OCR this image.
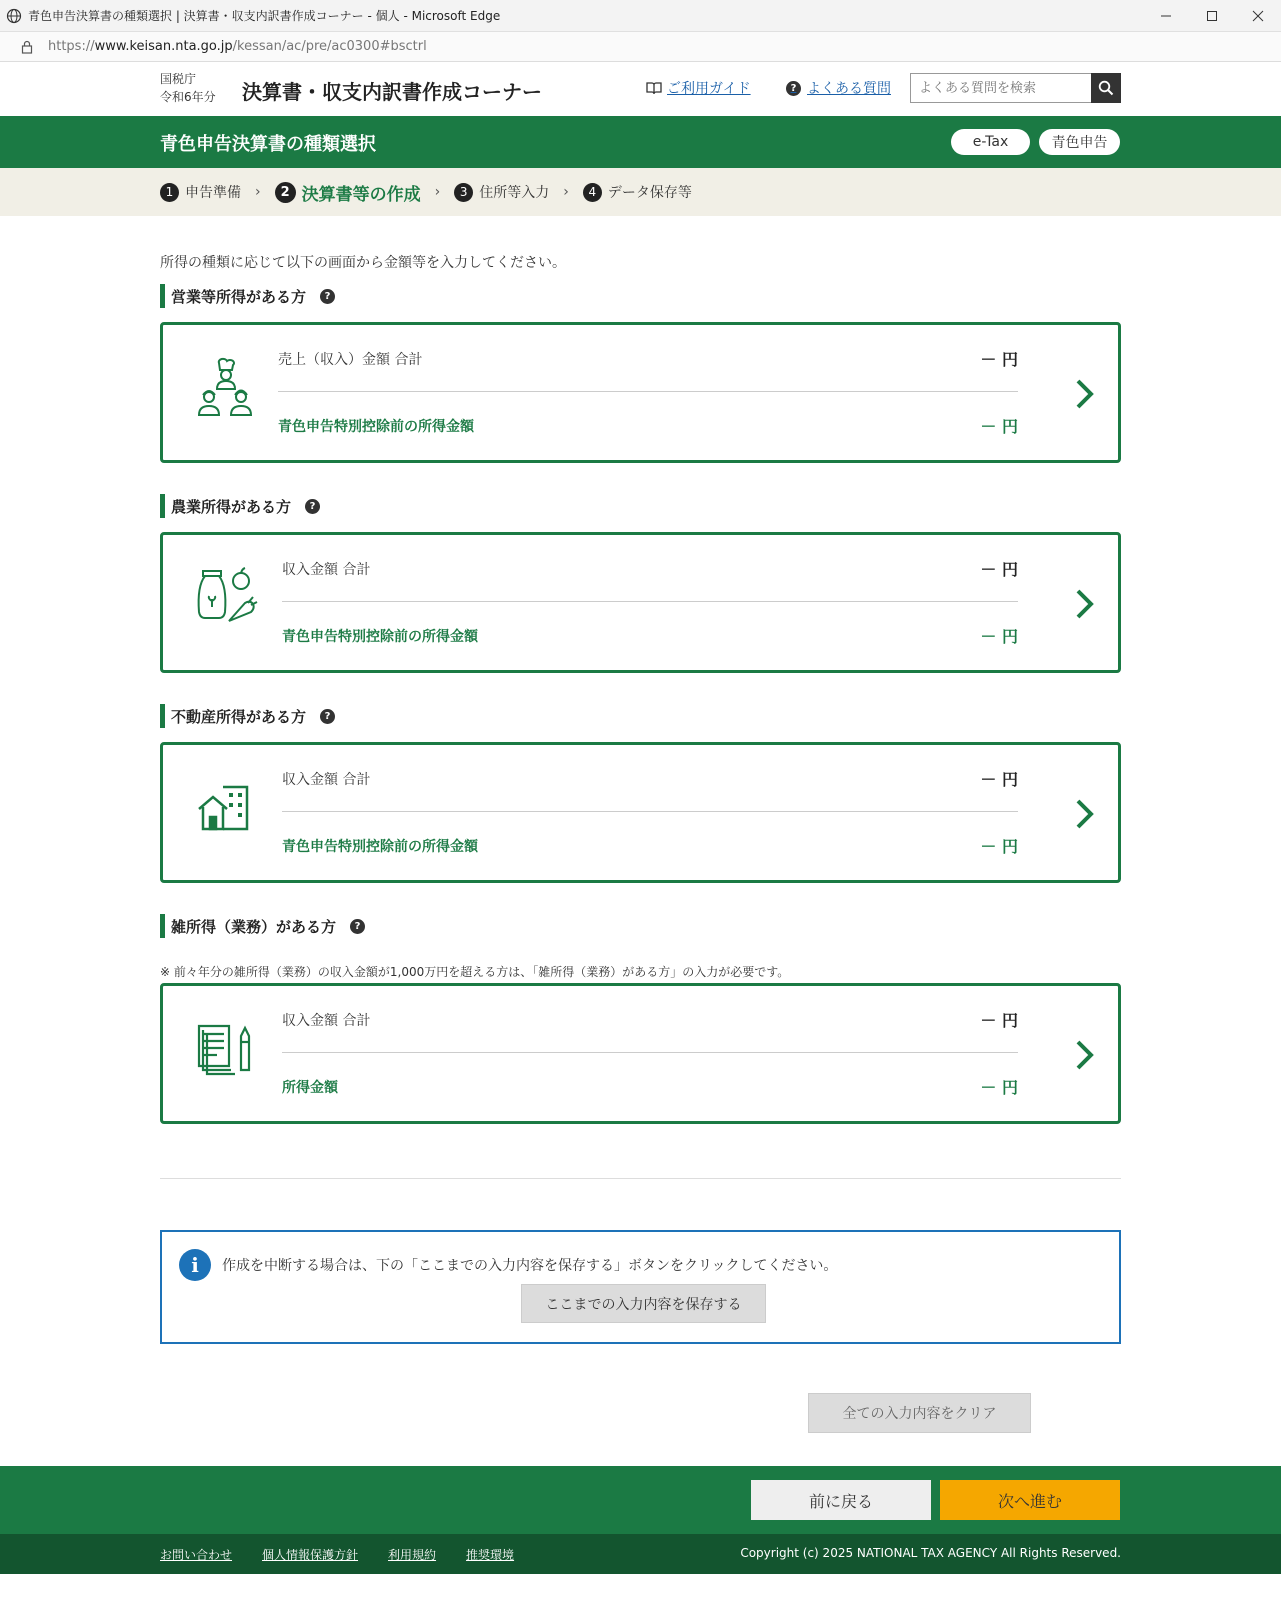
青色申告決算書の種類選択 | 決算書・収支内訳書作成コーナー - 個人 - Microsoft Edge
https://www.keisan.nta.go.jp/kessan/ac/pre/ac0300#bsctrl
国税庁
令和6年分 決算書・収支内訳書作成コーナー	ご利用ガイド	? よくある質問
よくある質問を検索
青色申告決算書の種類選択	e-Tax	青色申告
1 申告準備 ›	2 決算書等の作成 ›	3 住所等入力 ›	4 データ保存等
所得の種類に応じて以下の画面から金額等を入力してください。
営業等所得がある方	?
売上（収入）金額 合計	－ 円
青色申告特別控除前の所得金額	－ 円
農業所得がある方	?
収入金額 合計	－ 円
青色申告特別控除前の所得金額	－ 円
不動産所得がある方	?
収入金額 合計	－ 円
青色申告特別控除前の所得金額	－ 円
雑所得（業務）がある方	?
※ 前々年分の雑所得（業務）の収入金額が1,000万円を超える方は、「雑所得（業務）がある方」の入力が必要です。
収入金額 合計	－ 円
所得金額	－ 円
i	作成を中断する場合は、下の「ここまでの入力内容を保存する」ボタンをクリックしてください。
ここまでの入力内容を保存する
全ての入力内容をクリア
前に戻る	次へ進む
お問い合わせ	個人情報保護方針	利用規約	推奨環境	Copyright (c) 2025 NATIONAL TAX AGENCY All Rights Reserved.
